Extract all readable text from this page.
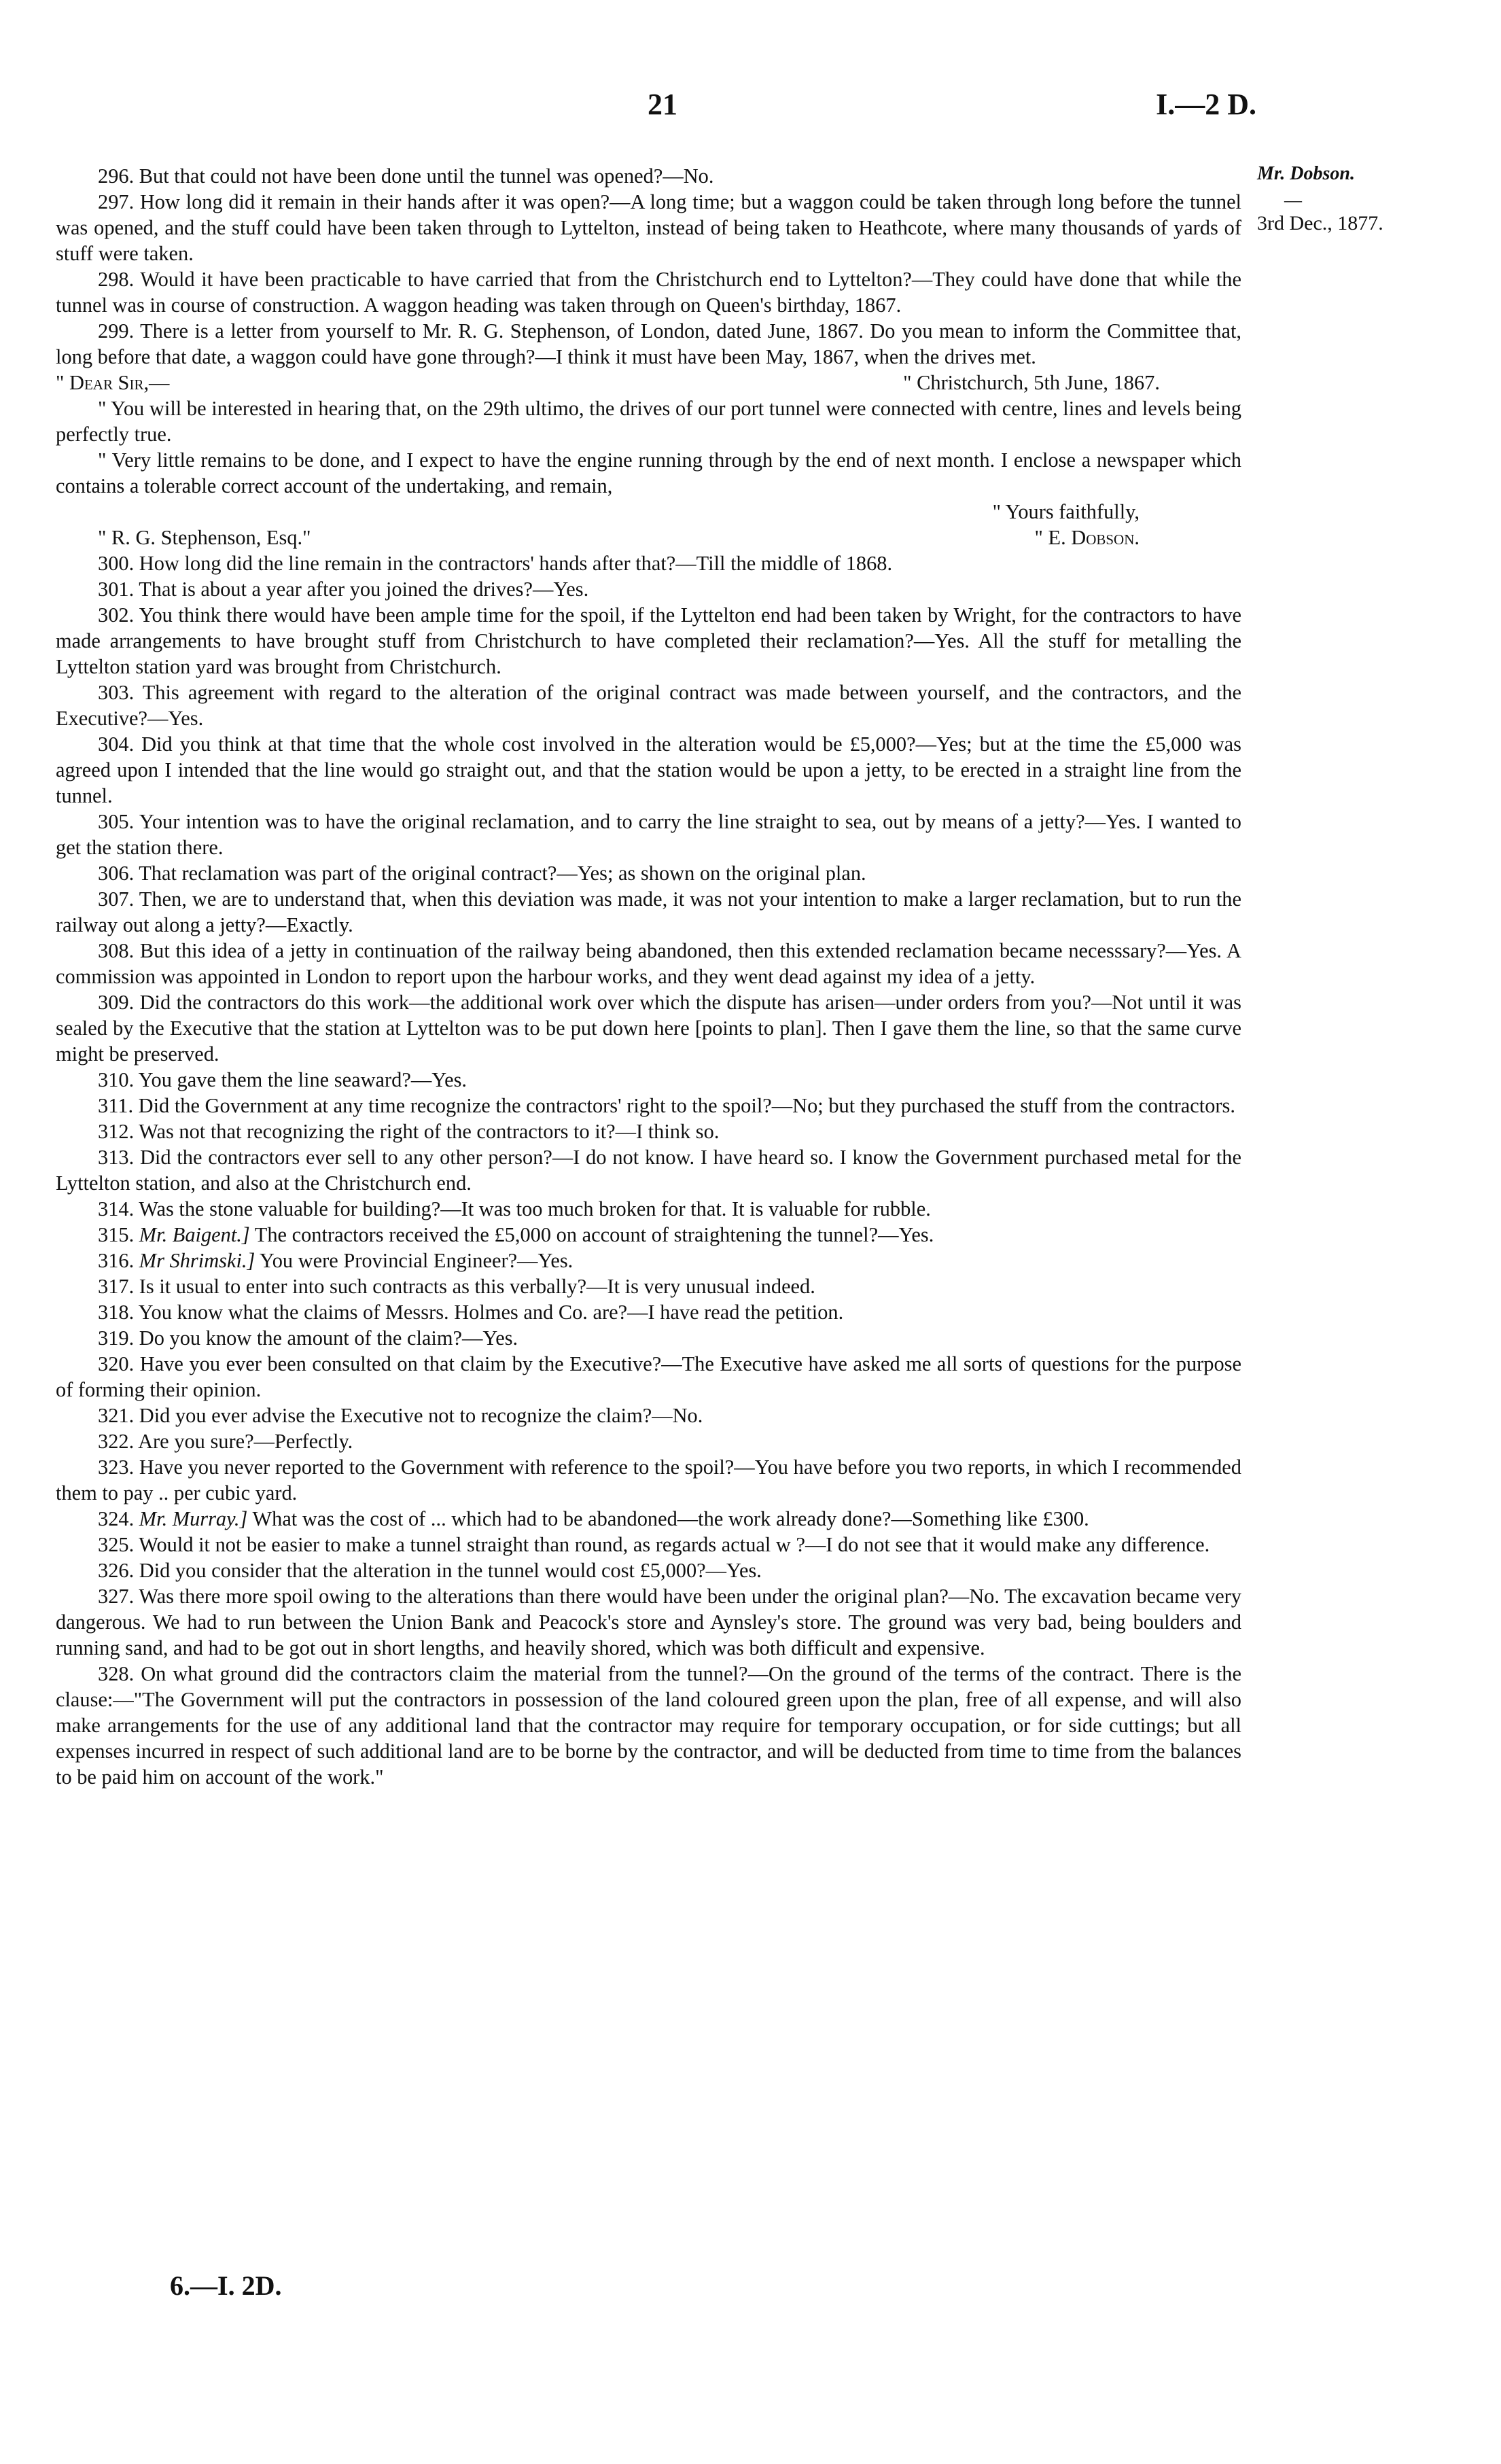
21	I.—2 D.
Mr. Dobson.
—
3rd Dec., 1877.

296. But that could not have been done until the tunnel was opened?—No.

297. How long did it remain in their hands after it was open?—A long time; but a waggon could be taken through long before the tunnel was opened, and the stuff could have been taken through to Lyttelton, instead of being taken to Heathcote, where many thousands of yards of stuff were taken.

298. Would it have been practicable to have carried that from the Christchurch end to Lyttelton?—They could have done that while the tunnel was in course of construction. A waggon heading was taken through on Queen's birthday, 1867.

299. There is a letter from yourself to Mr. R. G. Stephenson, of London, dated June, 1867. Do you mean to inform the Committee that, long before that date, a waggon could have gone through?—I think it must have been May, 1867, when the drives met.

" Dear Sir,—	" Christchurch, 5th June, 1867.

" You will be interested in hearing that, on the 29th ultimo, the drives of our port tunnel were connected with centre, lines and levels being perfectly true.

" Very little remains to be done, and I expect to have the engine running through by the end of next month. I enclose a newspaper which contains a tolerable correct account of the undertaking, and remain,

" Yours faithfully,
" R. G. Stephenson, Esq."	" E. Dobson.

300. How long did the line remain in the contractors' hands after that?—Till the middle of 1868.

301. That is about a year after you joined the drives?—Yes.

302. You think there would have been ample time for the spoil, if the Lyttelton end had been taken by Wright, for the contractors to have made arrangements to have brought stuff from Christchurch to have completed their reclamation?—Yes. All the stuff for metalling the Lyttelton station yard was brought from Christchurch.

303. This agreement with regard to the alteration of the original contract was made between yourself, and the contractors, and the Executive?—Yes.

304. Did you think at that time that the whole cost involved in the alteration would be £5,000?—Yes; but at the time the £5,000 was agreed upon I intended that the line would go straight out, and that the station would be upon a jetty, to be erected in a straight line from the tunnel.

305. Your intention was to have the original reclamation, and to carry the line straight to sea, out by means of a jetty?—Yes. I wanted to get the station there.

306. That reclamation was part of the original contract?—Yes; as shown on the original plan.

307. Then, we are to understand that, when this deviation was made, it was not your intention to make a larger reclamation, but to run the railway out along a jetty?—Exactly.

308. But this idea of a jetty in continuation of the railway being abandoned, then this extended reclamation became necesssary?—Yes. A commission was appointed in London to report upon the harbour works, and they went dead against my idea of a jetty.

309. Did the contractors do this work—the additional work over which the dispute has arisen—under orders from you?—Not until it was sealed by the Executive that the station at Lyttelton was to be put down here [points to plan]. Then I gave them the line, so that the same curve might be preserved.

310. You gave them the line seaward?—Yes.

311. Did the Government at any time recognize the contractors' right to the spoil?—No; but they purchased the stuff from the contractors.

312. Was not that recognizing the right of the contractors to it?—I think so.

313. Did the contractors ever sell to any other person?—I do not know. I have heard so. I know the Government purchased metal for the Lyttelton station, and also at the Christchurch end.

314. Was the stone valuable for building?—It was too much broken for that. It is valuable for rubble.

315. Mr. Baigent.] The contractors received the £5,000 on account of straightening the tunnel?—Yes.

316. Mr Shrimski.] You were Provincial Engineer?—Yes.

317. Is it usual to enter into such contracts as this verbally?—It is very unusual indeed.

318. You know what the claims of Messrs. Holmes and Co. are?—I have read the petition.

319. Do you know the amount of the claim?—Yes.

320. Have you ever been consulted on that claim by the Executive?—The Executive have asked me all sorts of questions for the purpose of forming their opinion.

321. Did you ever advise the Executive not to recognize the claim?—No.

322. Are you sure?—Perfectly.

323. Have you never reported to the Government with reference to the spoil?—You have before you two reports, in which I recommended them to pay .. per cubic yard.

324. Mr. Murray.] What was the cost of ... which had to be abandoned—the work already done?—Something like £300.

325. Would it not be easier to make a tunnel straight than round, as regards actual w ?—I do not see that it would make any difference.

326. Did you consider that the alteration in the tunnel would cost £5,000?—Yes.

327. Was there more spoil owing to the alterations than there would have been under the original plan?—No. The excavation became very dangerous. We had to run between the Union Bank and Peacock's store and Aynsley's store. The ground was very bad, being boulders and running sand, and had to be got out in short lengths, and heavily shored, which was both difficult and expensive.

328. On what ground did the contractors claim the material from the tunnel?—On the ground of the terms of the contract. There is the clause:—"The Government will put the contractors in possession of the land coloured green upon the plan, free of all expense, and will also make arrangements for the use of any additional land that the contractor may require for temporary occupation, or for side cuttings; but all expenses incurred in respect of such additional land are to be borne by the contractor, and will be deducted from time to time from the balances to be paid him on account of the work."

6.—I. 2D.
